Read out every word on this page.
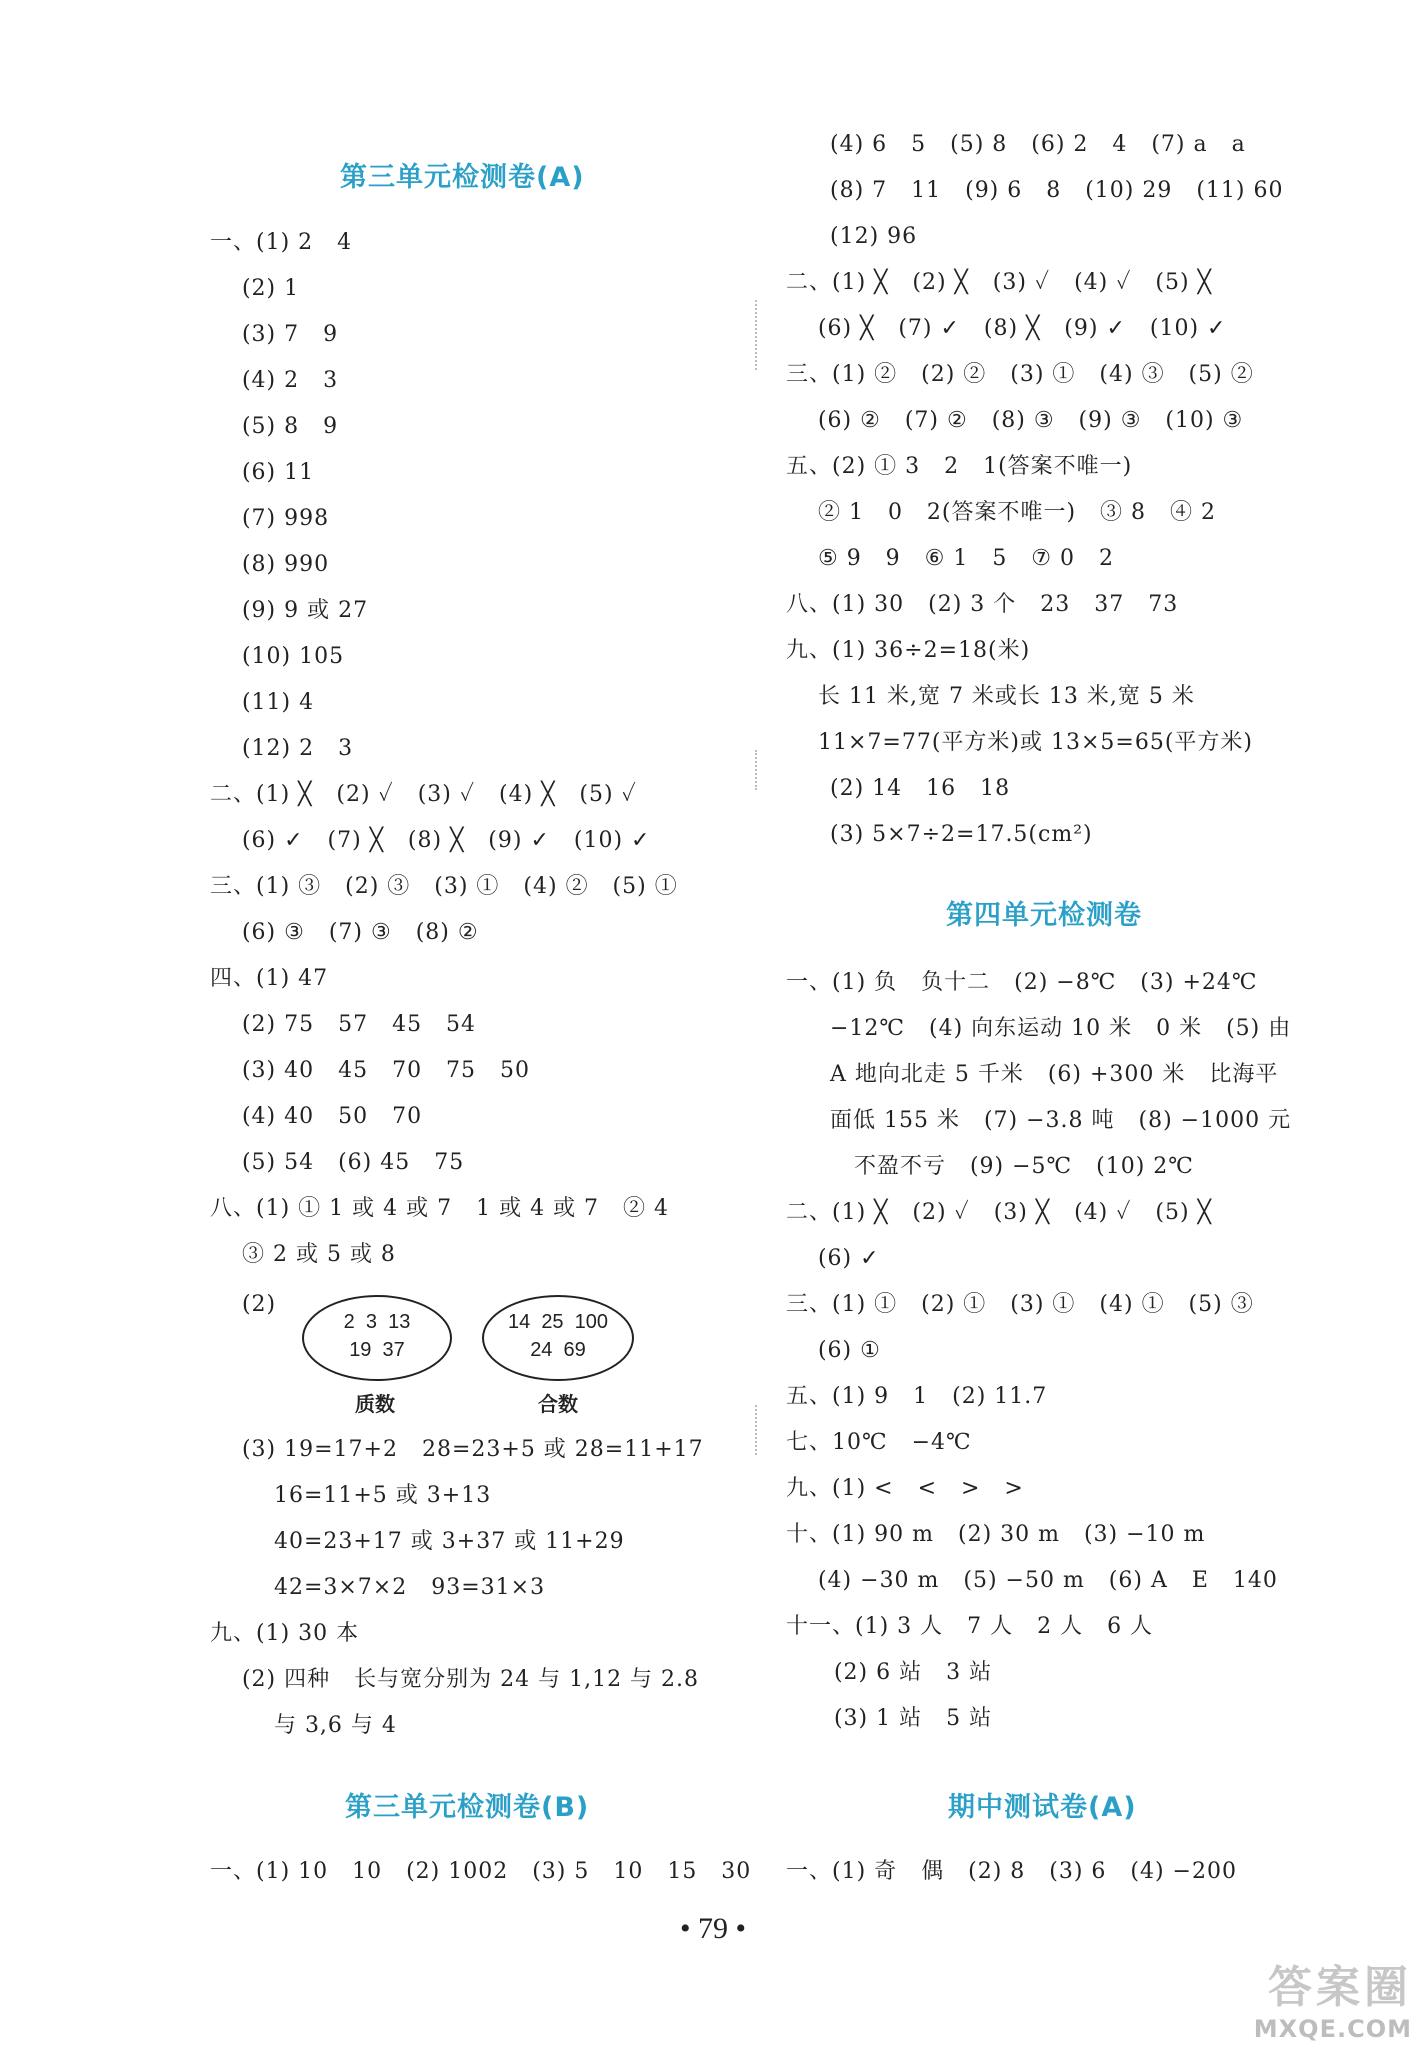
第三单元检测卷(A)
一、(1) 2   4
(2) 1
(3) 7   9
(4) 2   3
(5) 8   9
(6) 11
(7) 998
(8) 990
(9) 9 或 27
(10) 105
(11) 4
(12) 2   3
二、(1) ╳   (2) ✓   (3) ✓   (4) ╳   (5) ✓
(6) ✓   (7) ╳   (8) ╳   (9) ✓   (10) ✓
三、(1) ③   (2) ③   (3) ①   (4) ②   (5) ①
(6) ③   (7) ③   (8) ②
四、(1) 47
(2) 75   57   45   54
(3) 40   45   70   75   50
(4) 40   50   70
(5) 54   (6) 45   75
八、(1) ① 1 或 4 或 7   1 或 4 或 7   ② 4
③ 2 或 5 或 8
(2)
2  3  13
19  37
质数
14  25  100
24  69
合数
(3) 19=17+2   28=23+5 或 28=11+17
16=11+5 或 3+13
40=23+17 或 3+37 或 11+29
42=3×7×2   93=31×3
九、(1) 30 本
(2) 四种   长与宽分别为 24 与 1,12 与 2.8
与 3,6 与 4
第三单元检测卷(B)
一、(1) 10   10   (2) 1002   (3) 5   10   15   30
(4) 6   5   (5) 8   (6) 2   4   (7) a   a
(8) 7   11   (9) 6   8   (10) 29   (11) 60
(12) 96
二、(1) ╳   (2) ╳   (3) ✓   (4) ✓   (5) ╳
(6) ╳   (7) ✓   (8) ╳   (9) ✓   (10) ✓
三、(1) ②   (2) ②   (3) ①   (4) ③   (5) ②
(6) ②   (7) ②   (8) ③   (9) ③   (10) ③
五、(2) ① 3   2   1(答案不唯一)
② 1   0   2(答案不唯一)   ③ 8   ④ 2
⑤ 9   9   ⑥ 1   5   ⑦ 0   2
八、(1) 30   (2) 3 个   23   37   73
九、(1) 36÷2=18(米)
长 11 米,宽 7 米或长 13 米,宽 5 米
11×7=77(平方米)或 13×5=65(平方米)
(2) 14   16   18
(3) 5×7÷2=17.5(cm²)
第四单元检测卷
一、(1) 负   负十二   (2) −8℃   (3) +24℃
−12℃   (4) 向东运动 10 米   0 米   (5) 由
A 地向北走 5 千米   (6) +300 米   比海平
面低 155 米   (7) −3.8 吨   (8) −1000 元
不盈不亏   (9) −5℃   (10) 2℃
二、(1) ╳   (2) ✓   (3) ╳   (4) ✓   (5) ╳
(6) ✓
三、(1) ①   (2) ①   (3) ①   (4) ①   (5) ③
(6) ①
五、(1) 9   1   (2) 11.7
七、10℃   −4℃
九、(1) <   <   >   >
十、(1) 90 m   (2) 30 m   (3) −10 m
(4) −30 m   (5) −50 m   (6) A   E   140
十一、(1) 3 人   7 人   2 人   6 人
(2) 6 站   3 站
(3) 1 站   5 站
期中测试卷(A)
一、(1) 奇   偶   (2) 8   (3) 6   (4) −200
• 79 •
答案圈
MXQE.COM
